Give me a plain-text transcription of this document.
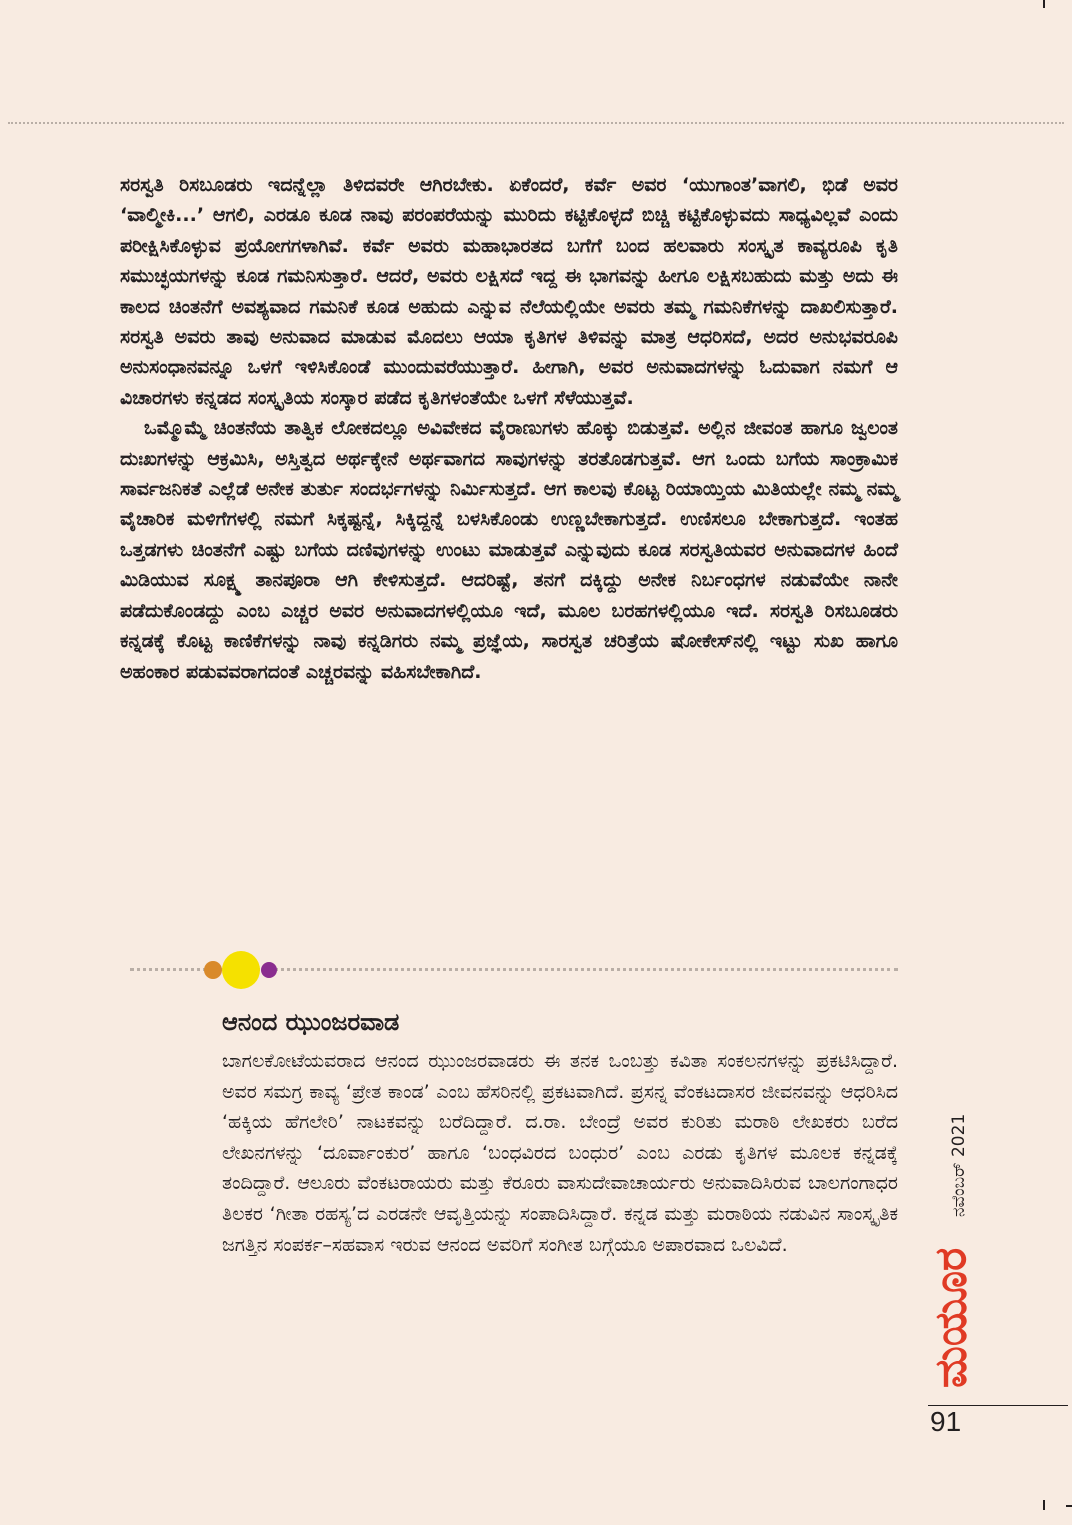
ಸರಸ್ವತಿ ರಿಸಬೂಡರು ಇದನ್ನೆಲ್ಲಾ ತಿಳಿದವರೇ ಆಗಿರಬೇಕು. ಏಕೆಂದರೆ, ಕರ್ವೆ ಅವರ ‘ಯುಗಾಂತ’ವಾಗಲಿ, ಭಿಡೆ ಅವರ ‘ವಾಲ್ಮೀಕಿ...’ ಆಗಲಿ, ಎರಡೂ ಕೂಡ ನಾವು ಪರಂಪರೆಯನ್ನು ಮುರಿದು ಕಟ್ಟಿಕೊಳ್ಳದೆ ಬಿಚ್ಚಿ ಕಟ್ಟಿಕೊಳ್ಳುವದು ಸಾಧ್ಯವಿಲ್ಲವೆ ಎಂದು ಪರೀಕ್ಷಿಸಿಕೊಳ್ಳುವ ಪ್ರಯೋಗಗಳಾಗಿವೆ. ಕರ್ವೆ ಅವರು ಮಹಾಭಾರತದ ಬಗೆಗೆ ಬಂದ ಹಲವಾರು ಸಂಸ್ಕೃತ ಕಾವ್ಯರೂಪಿ ಕೃತಿ ಸಮುಚ್ಛಯಗಳನ್ನು ಕೂಡ ಗಮನಿಸುತ್ತಾರೆ. ಆದರೆ, ಅವರು ಲಕ್ಷಿಸದೆ ಇದ್ದ ಈ ಭಾಗವನ್ನು ಹೀಗೂ ಲಕ್ಷಿಸಬಹುದು ಮತ್ತು ಅದು ಈ ಕಾಲದ ಚಿಂತನೆಗೆ ಅವಶ್ಯವಾದ ಗಮನಿಕೆ ಕೂಡ ಅಹುದು ಎನ್ನುವ ನೆಲೆಯಲ್ಲಿಯೇ ಅವರು ತಮ್ಮ ಗಮನಿಕೆಗಳನ್ನು ದಾಖಲಿಸುತ್ತಾರೆ. ಸರಸ್ವತಿ ಅವರು ತಾವು ಅನುವಾದ ಮಾಡುವ ಮೊದಲು ಆಯಾ ಕೃತಿಗಳ ತಿಳಿವನ್ನು ಮಾತ್ರ ಆಧರಿಸದೆ, ಅದರ ಅನುಭವರೂಪಿ ಅನುಸಂಧಾನವನ್ನೂ ಒಳಗೆ ಇಳಿಸಿಕೊಂಡೆ ಮುಂದುವರೆಯುತ್ತಾರೆ. ಹೀಗಾಗಿ, ಅವರ ಅನುವಾದಗಳನ್ನು ಓದುವಾಗ ನಮಗೆ ಆ ವಿಚಾರಗಳು ಕನ್ನಡದ ಸಂಸ್ಕೃತಿಯ ಸಂಸ್ಕಾರ ಪಡೆದ ಕೃತಿಗಳಂತೆಯೇ ಒಳಗೆ ಸೆಳೆಯುತ್ತವೆ.

ಒಮ್ಮೊಮ್ಮೆ ಚಿಂತನೆಯ ತಾತ್ವಿಕ ಲೋಕದಲ್ಲೂ ಅವಿವೇಕದ ವೈರಾಣುಗಳು ಹೊಕ್ಕು ಬಿಡುತ್ತವೆ. ಅಲ್ಲಿನ ಜೀವಂತ ಹಾಗೂ ಜ್ವಲಂತ ದುಃಖಗಳನ್ನು ಆಕ್ರಮಿಸಿ, ಅಸ್ತಿತ್ವದ ಅರ್ಥಕ್ಕೇನೆ ಅರ್ಥವಾಗದ ಸಾವುಗಳನ್ನು ತರತೊಡಗುತ್ತವೆ. ಆಗ ಒಂದು ಬಗೆಯ ಸಾಂಕ್ರಾಮಿಕ ಸಾರ್ವಜನಿಕತೆ ಎಲ್ಲೆಡೆ ಅನೇಕ ತುರ್ತು ಸಂದರ್ಭಗಳನ್ನು ನಿರ್ಮಿಸುತ್ತದೆ. ಆಗ ಕಾಲವು ಕೊಟ್ಟ ರಿಯಾಯ್ತಿಯ ಮಿತಿಯಲ್ಲೇ ನಮ್ಮ ನಮ್ಮ ವೈಚಾರಿಕ ಮಳಿಗೆಗಳಲ್ಲಿ ನಮಗೆ ಸಿಕ್ಕಷ್ಟನ್ನೆ, ಸಿಕ್ಕಿದ್ದನ್ನೆ ಬಳಸಿಕೊಂಡು ಉಣ್ಣಬೇಕಾಗುತ್ತದೆ. ಉಣಿಸಲೂ ಬೇಕಾಗುತ್ತದೆ. ಇಂತಹ ಒತ್ತಡಗಳು ಚಿಂತನೆಗೆ ಎಷ್ಟು ಬಗೆಯ ದಣಿವುಗಳನ್ನು ಉಂಟು ಮಾಡುತ್ತವೆ ಎನ್ನುವುದು ಕೂಡ ಸರಸ್ವತಿಯವರ ಅನುವಾದಗಳ ಹಿಂದೆ ಮಿಡಿಯುವ ಸೂಕ್ಷ್ಮ ತಾನಪೂರಾ ಆಗಿ ಕೇಳಿಸುತ್ತದೆ. ಆದರಿಷ್ಟೆ, ತನಗೆ ದಕ್ಕಿದ್ದು ಅನೇಕ ನಿರ್ಬಂಧಗಳ ನಡುವೆಯೇ ನಾನೇ ಪಡೆದುಕೊಂಡದ್ದು ಎಂಬ ಎಚ್ಚರ ಅವರ ಅನುವಾದಗಳಲ್ಲಿಯೂ ಇದೆ, ಮೂಲ ಬರಹಗಳಲ್ಲಿಯೂ ಇದೆ. ಸರಸ್ವತಿ ರಿಸಬೂಡರು ಕನ್ನಡಕ್ಕೆ ಕೊಟ್ಟ ಕಾಣಿಕೆಗಳನ್ನು ನಾವು ಕನ್ನಡಿಗರು ನಮ್ಮ ಪ್ರಜ್ಞೆಯ, ಸಾರಸ್ವತ ಚರಿತ್ರೆಯ ಷೋಕೇಸ್‌ನಲ್ಲಿ ಇಟ್ಟು ಸುಖ ಹಾಗೂ ಅಹಂಕಾರ ಪಡುವವರಾಗದಂತೆ ಎಚ್ಚರವನ್ನು ವಹಿಸಬೇಕಾಗಿದೆ.

ಆನಂದ ಝುಂಜರವಾಡ

ಬಾಗಲಕೋಟೆಯವರಾದ ಆನಂದ ಝುಂಜರವಾಡರು ಈ ತನಕ ಒಂಬತ್ತು ಕವಿತಾ ಸಂಕಲನಗಳನ್ನು ಪ್ರಕಟಿಸಿದ್ದಾರೆ. ಅವರ ಸಮಗ್ರ ಕಾವ್ಯ ‘ಪ್ರೇತ ಕಾಂಡ’ ಎಂಬ ಹೆಸರಿನಲ್ಲಿ ಪ್ರಕಟವಾಗಿದೆ. ಪ್ರಸನ್ನ ವೆಂಕಟದಾಸರ ಜೀವನವನ್ನು ಆಧರಿಸಿದ ‘ಹಕ್ಕಿಯ ಹೆಗಲೇರಿ’ ನಾಟಕವನ್ನು ಬರೆದಿದ್ದಾರೆ. ದ.ರಾ. ಬೇಂದ್ರೆ ಅವರ ಕುರಿತು ಮರಾಠಿ ಲೇಖಕರು ಬರೆದ ಲೇಖನಗಳನ್ನು ‘ದೂರ್ವಾಂಕುರ’ ಹಾಗೂ ‘ಬಂಧವಿರದ ಬಂಧುರ’ ಎಂಬ ಎರಡು ಕೃತಿಗಳ ಮೂಲಕ ಕನ್ನಡಕ್ಕೆ ತಂದಿದ್ದಾರೆ. ಆಲೂರು ವೆಂಕಟರಾಯರು ಮತ್ತು ಕೆರೂರು ವಾಸುದೇವಾಚಾರ್ಯರು ಅನುವಾದಿಸಿರುವ ಬಾಲಗಂಗಾಧರ ತಿಲಕರ ‘ಗೀತಾ ರಹಸ್ಯ’ದ ಎರಡನೇ ಆವೃತ್ತಿಯನ್ನು ಸಂಪಾದಿಸಿದ್ದಾರೆ. ಕನ್ನಡ ಮತ್ತು ಮರಾಠಿಯ ನಡುವಿನ ಸಾಂಸ್ಕೃತಿಕ ಜಗತ್ತಿನ ಸಂಪರ್ಕ–ಸಹವಾಸ ಇರುವ ಆನಂದ ಅವರಿಗೆ ಸಂಗೀತ ಬಗ್ಗೆಯೂ ಅಪಾರವಾದ ಒಲವಿದೆ.

ನವೆಂಬರ್ 2021
ಮಯೂರ
91
